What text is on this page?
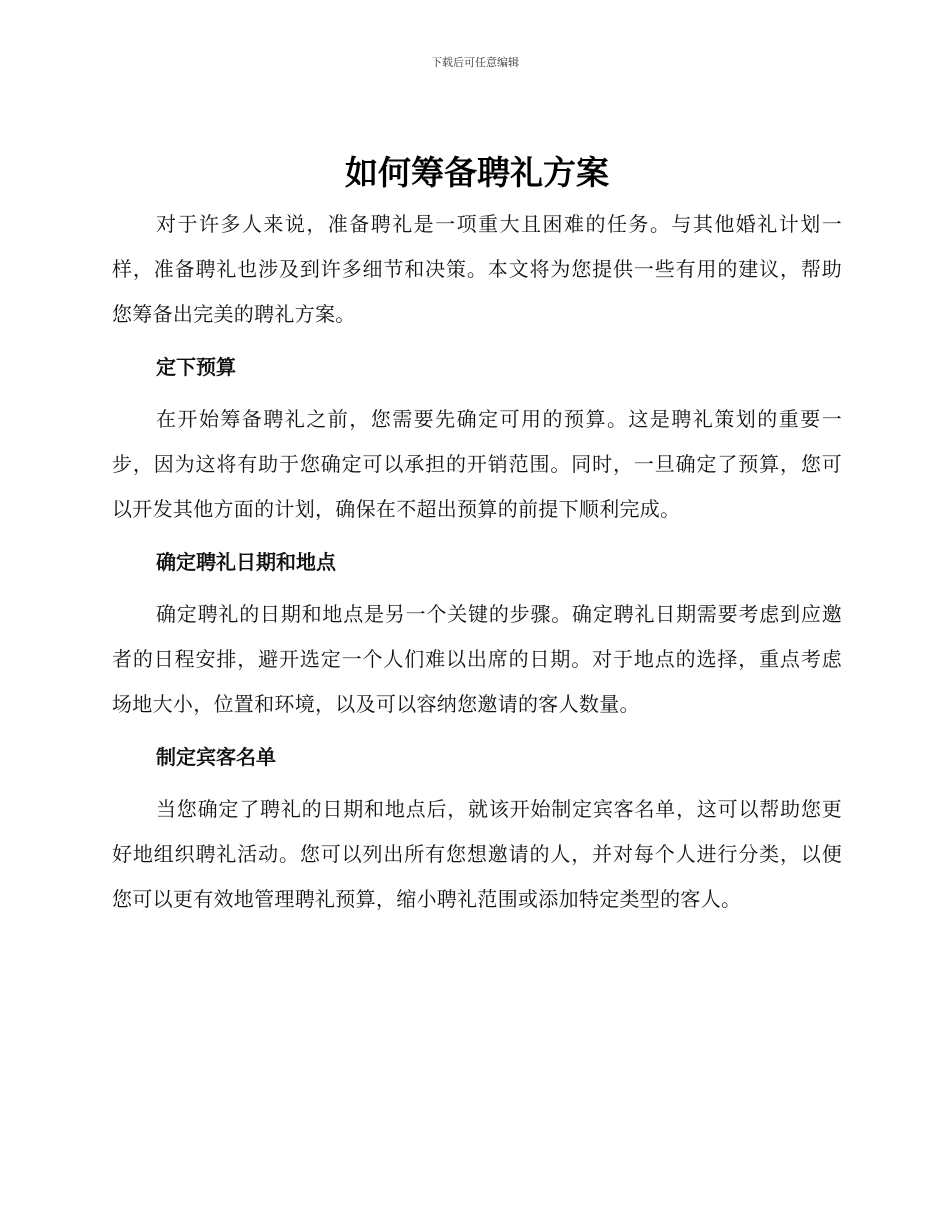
下载后可任意编辑
如何筹备聘礼方案

对于许多人来说，准备聘礼是一项重大且困难的任务。与其他婚礼计划一样，准备聘礼也涉及到许多细节和决策。本文将为您提供一些有用的建议，帮助您筹备出完美的聘礼方案。

定下预算

在开始筹备聘礼之前，您需要先确定可用的预算。这是聘礼策划的重要一步，因为这将有助于您确定可以承担的开销范围。同时，一旦确定了预算，您可以开发其他方面的计划，确保在不超出预算的前提下顺利完成。

确定聘礼日期和地点

确定聘礼的日期和地点是另一个关键的步骤。确定聘礼日期需要考虑到应邀者的日程安排，避开选定一个人们难以出席的日期。对于地点的选择，重点考虑场地大小，位置和环境，以及可以容纳您邀请的客人数量。

制定宾客名单

当您确定了聘礼的日期和地点后，就该开始制定宾客名单，这可以帮助您更好地组织聘礼活动。您可以列出所有您想邀请的人，并对每个人进行分类，以便您可以更有效地管理聘礼预算，缩小聘礼范围或添加特定类型的客人。
